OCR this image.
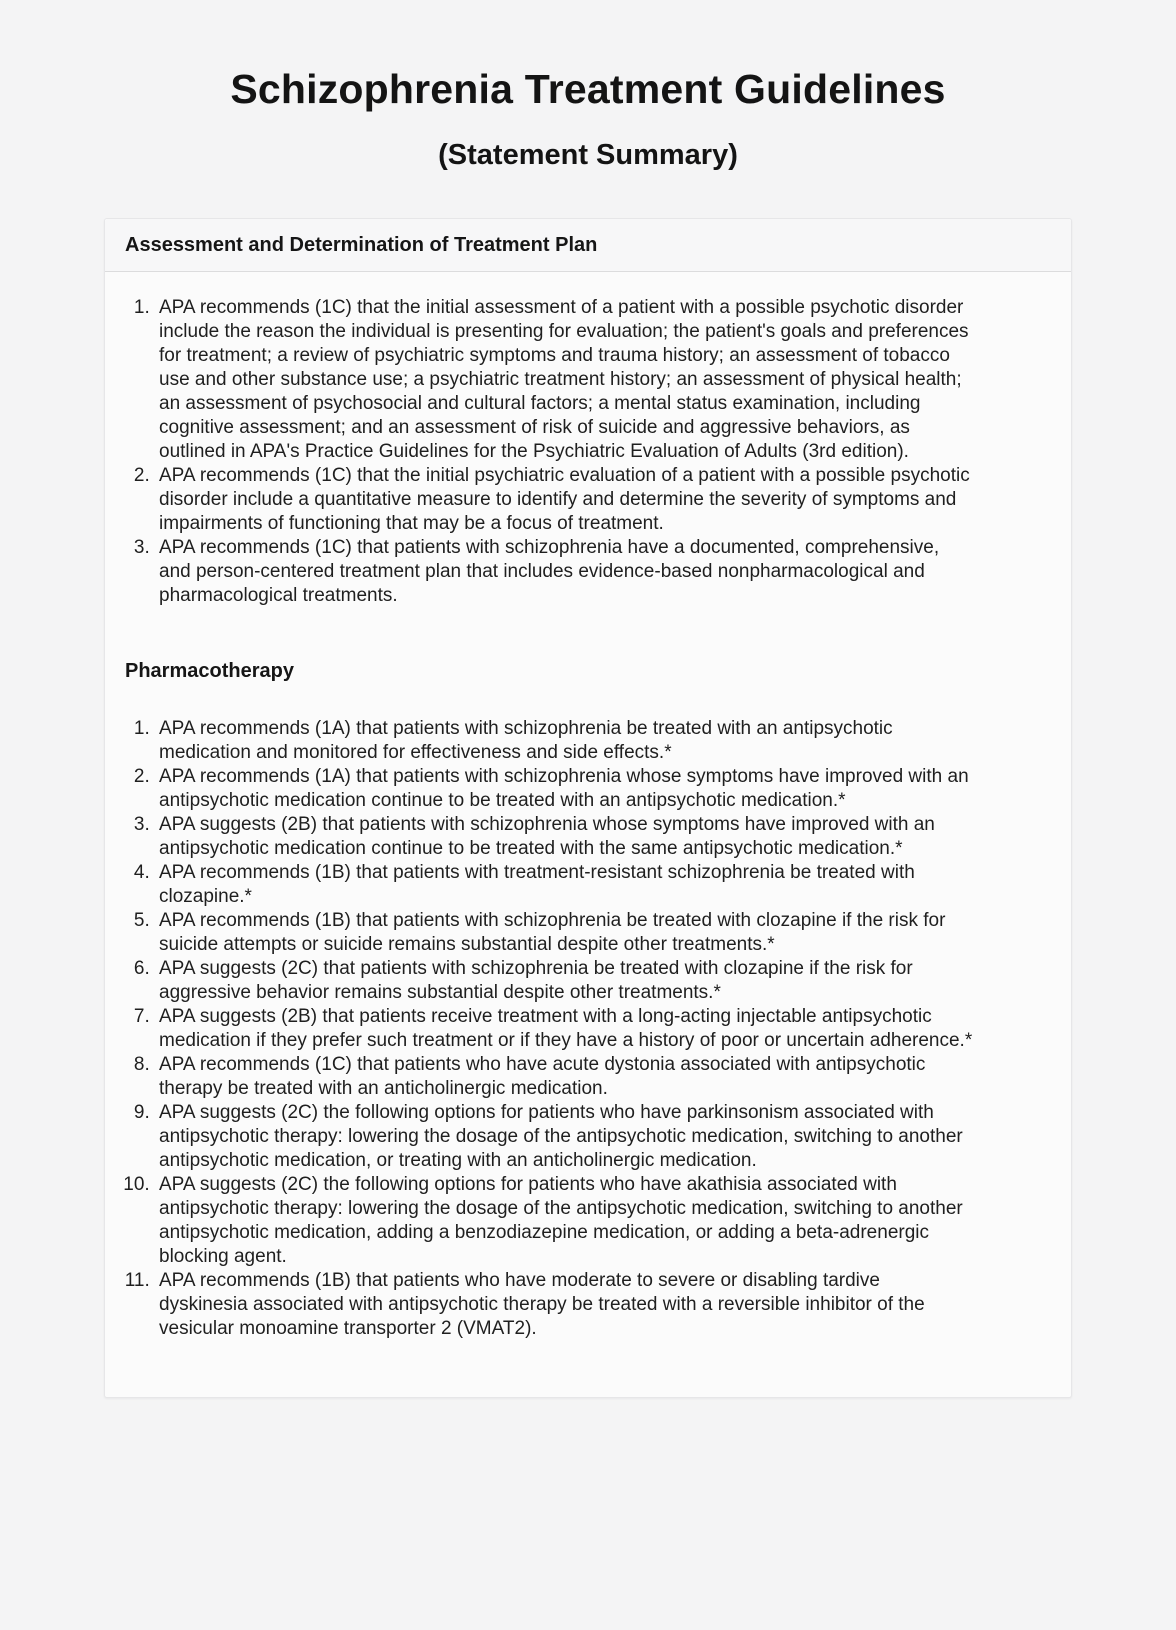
Schizophrenia Treatment Guidelines
(Statement Summary)
Assessment and Determination of Treatment Plan
1. APA recommends (1C) that the initial assessment of a patient with a possible psychotic disorder include the reason the individual is presenting for evaluation; the patient's goals and preferences for treatment; a review of psychiatric symptoms and trauma history; an assessment of tobacco use and other substance use; a psychiatric treatment history; an assessment of physical health; an assessment of psychosocial and cultural factors; a mental status examination, including cognitive assessment; and an assessment of risk of suicide and aggressive behaviors, as outlined in APA's Practice Guidelines for the Psychiatric Evaluation of Adults (3rd edition).
2. APA recommends (1C) that the initial psychiatric evaluation of a patient with a possible psychotic disorder include a quantitative measure to identify and determine the severity of symptoms and impairments of functioning that may be a focus of treatment.
3. APA recommends (1C) that patients with schizophrenia have a documented, comprehensive, and person-centered treatment plan that includes evidence-based nonpharmacological and pharmacological treatments.
Pharmacotherapy
1. APA recommends (1A) that patients with schizophrenia be treated with an antipsychotic medication and monitored for effectiveness and side effects.*
2. APA recommends (1A) that patients with schizophrenia whose symptoms have improved with an antipsychotic medication continue to be treated with an antipsychotic medication.*
3. APA suggests (2B) that patients with schizophrenia whose symptoms have improved with an antipsychotic medication continue to be treated with the same antipsychotic medication.*
4. APA recommends (1B) that patients with treatment-resistant schizophrenia be treated with clozapine.*
5. APA recommends (1B) that patients with schizophrenia be treated with clozapine if the risk for suicide attempts or suicide remains substantial despite other treatments.*
6. APA suggests (2C) that patients with schizophrenia be treated with clozapine if the risk for aggressive behavior remains substantial despite other treatments.*
7. APA suggests (2B) that patients receive treatment with a long-acting injectable antipsychotic medication if they prefer such treatment or if they have a history of poor or uncertain adherence.*
8. APA recommends (1C) that patients who have acute dystonia associated with antipsychotic therapy be treated with an anticholinergic medication.
9. APA suggests (2C) the following options for patients who have parkinsonism associated with antipsychotic therapy: lowering the dosage of the antipsychotic medication, switching to another antipsychotic medication, or treating with an anticholinergic medication.
10. APA suggests (2C) the following options for patients who have akathisia associated with antipsychotic therapy: lowering the dosage of the antipsychotic medication, switching to another antipsychotic medication, adding a benzodiazepine medication, or adding a beta-adrenergic blocking agent.
11. APA recommends (1B) that patients who have moderate to severe or disabling tardive dyskinesia associated with antipsychotic therapy be treated with a reversible inhibitor of the vesicular monoamine transporter 2 (VMAT2).
